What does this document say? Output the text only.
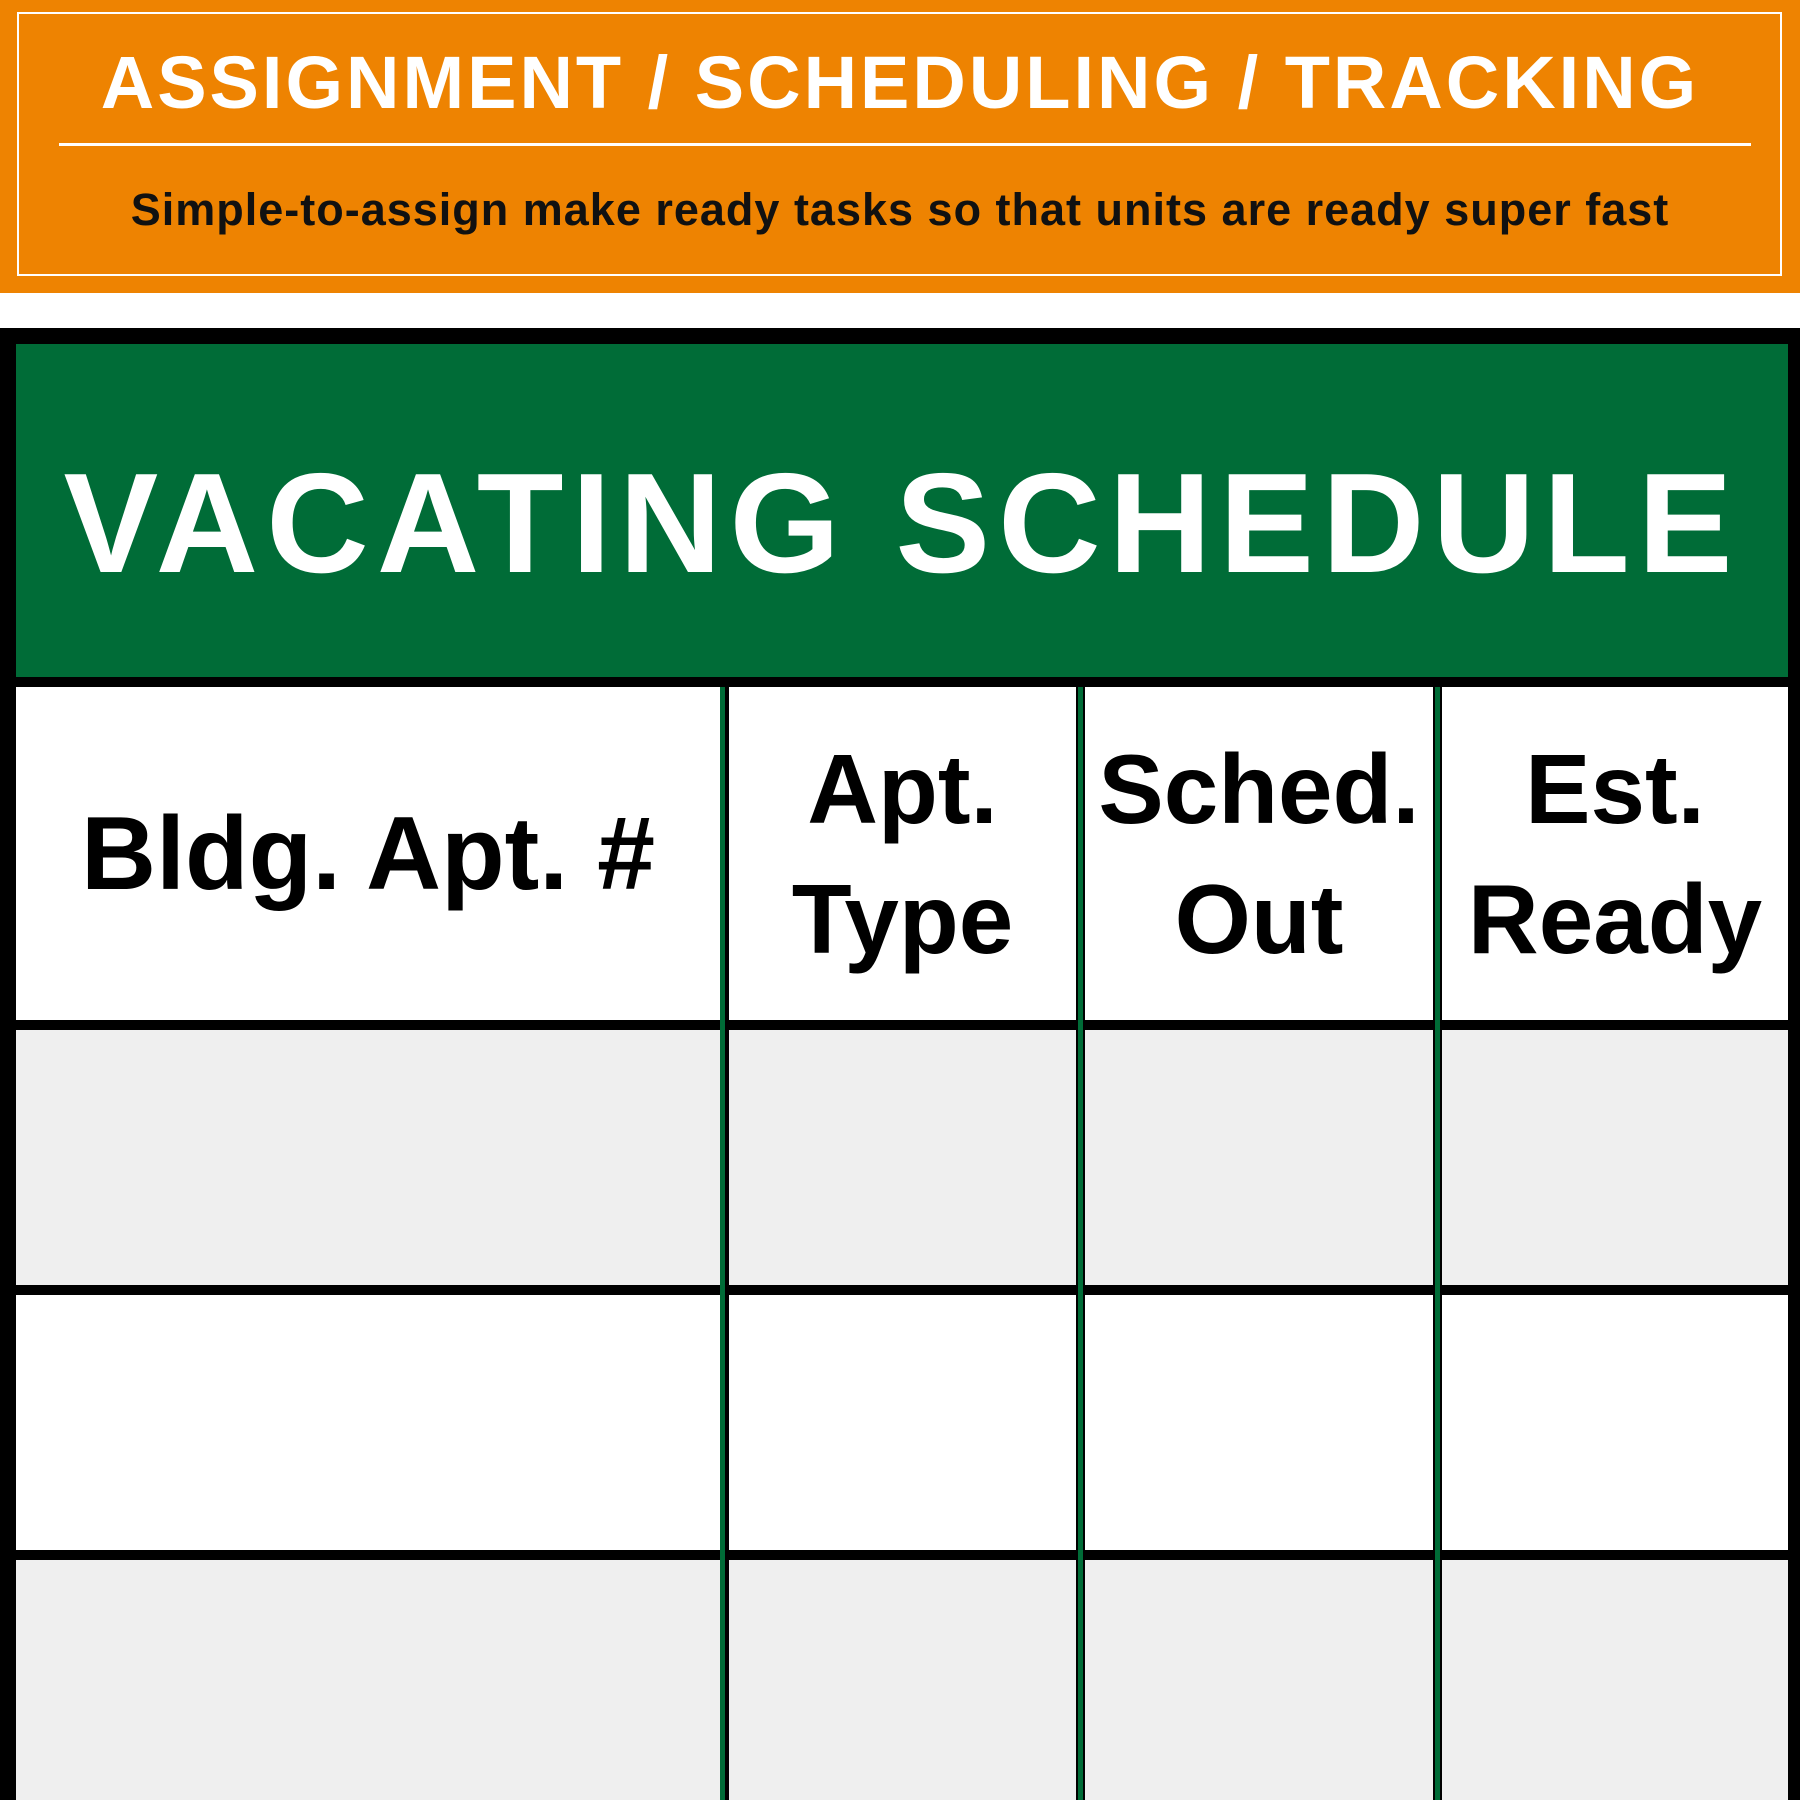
ASSIGNMENT / SCHEDULING / TRACKING
Simple-to-assign make ready tasks so that units are ready super fast
VACATING SCHEDULE
Bldg. Apt. #
Apt.
Type
Sched.
Out
Est.
Ready
